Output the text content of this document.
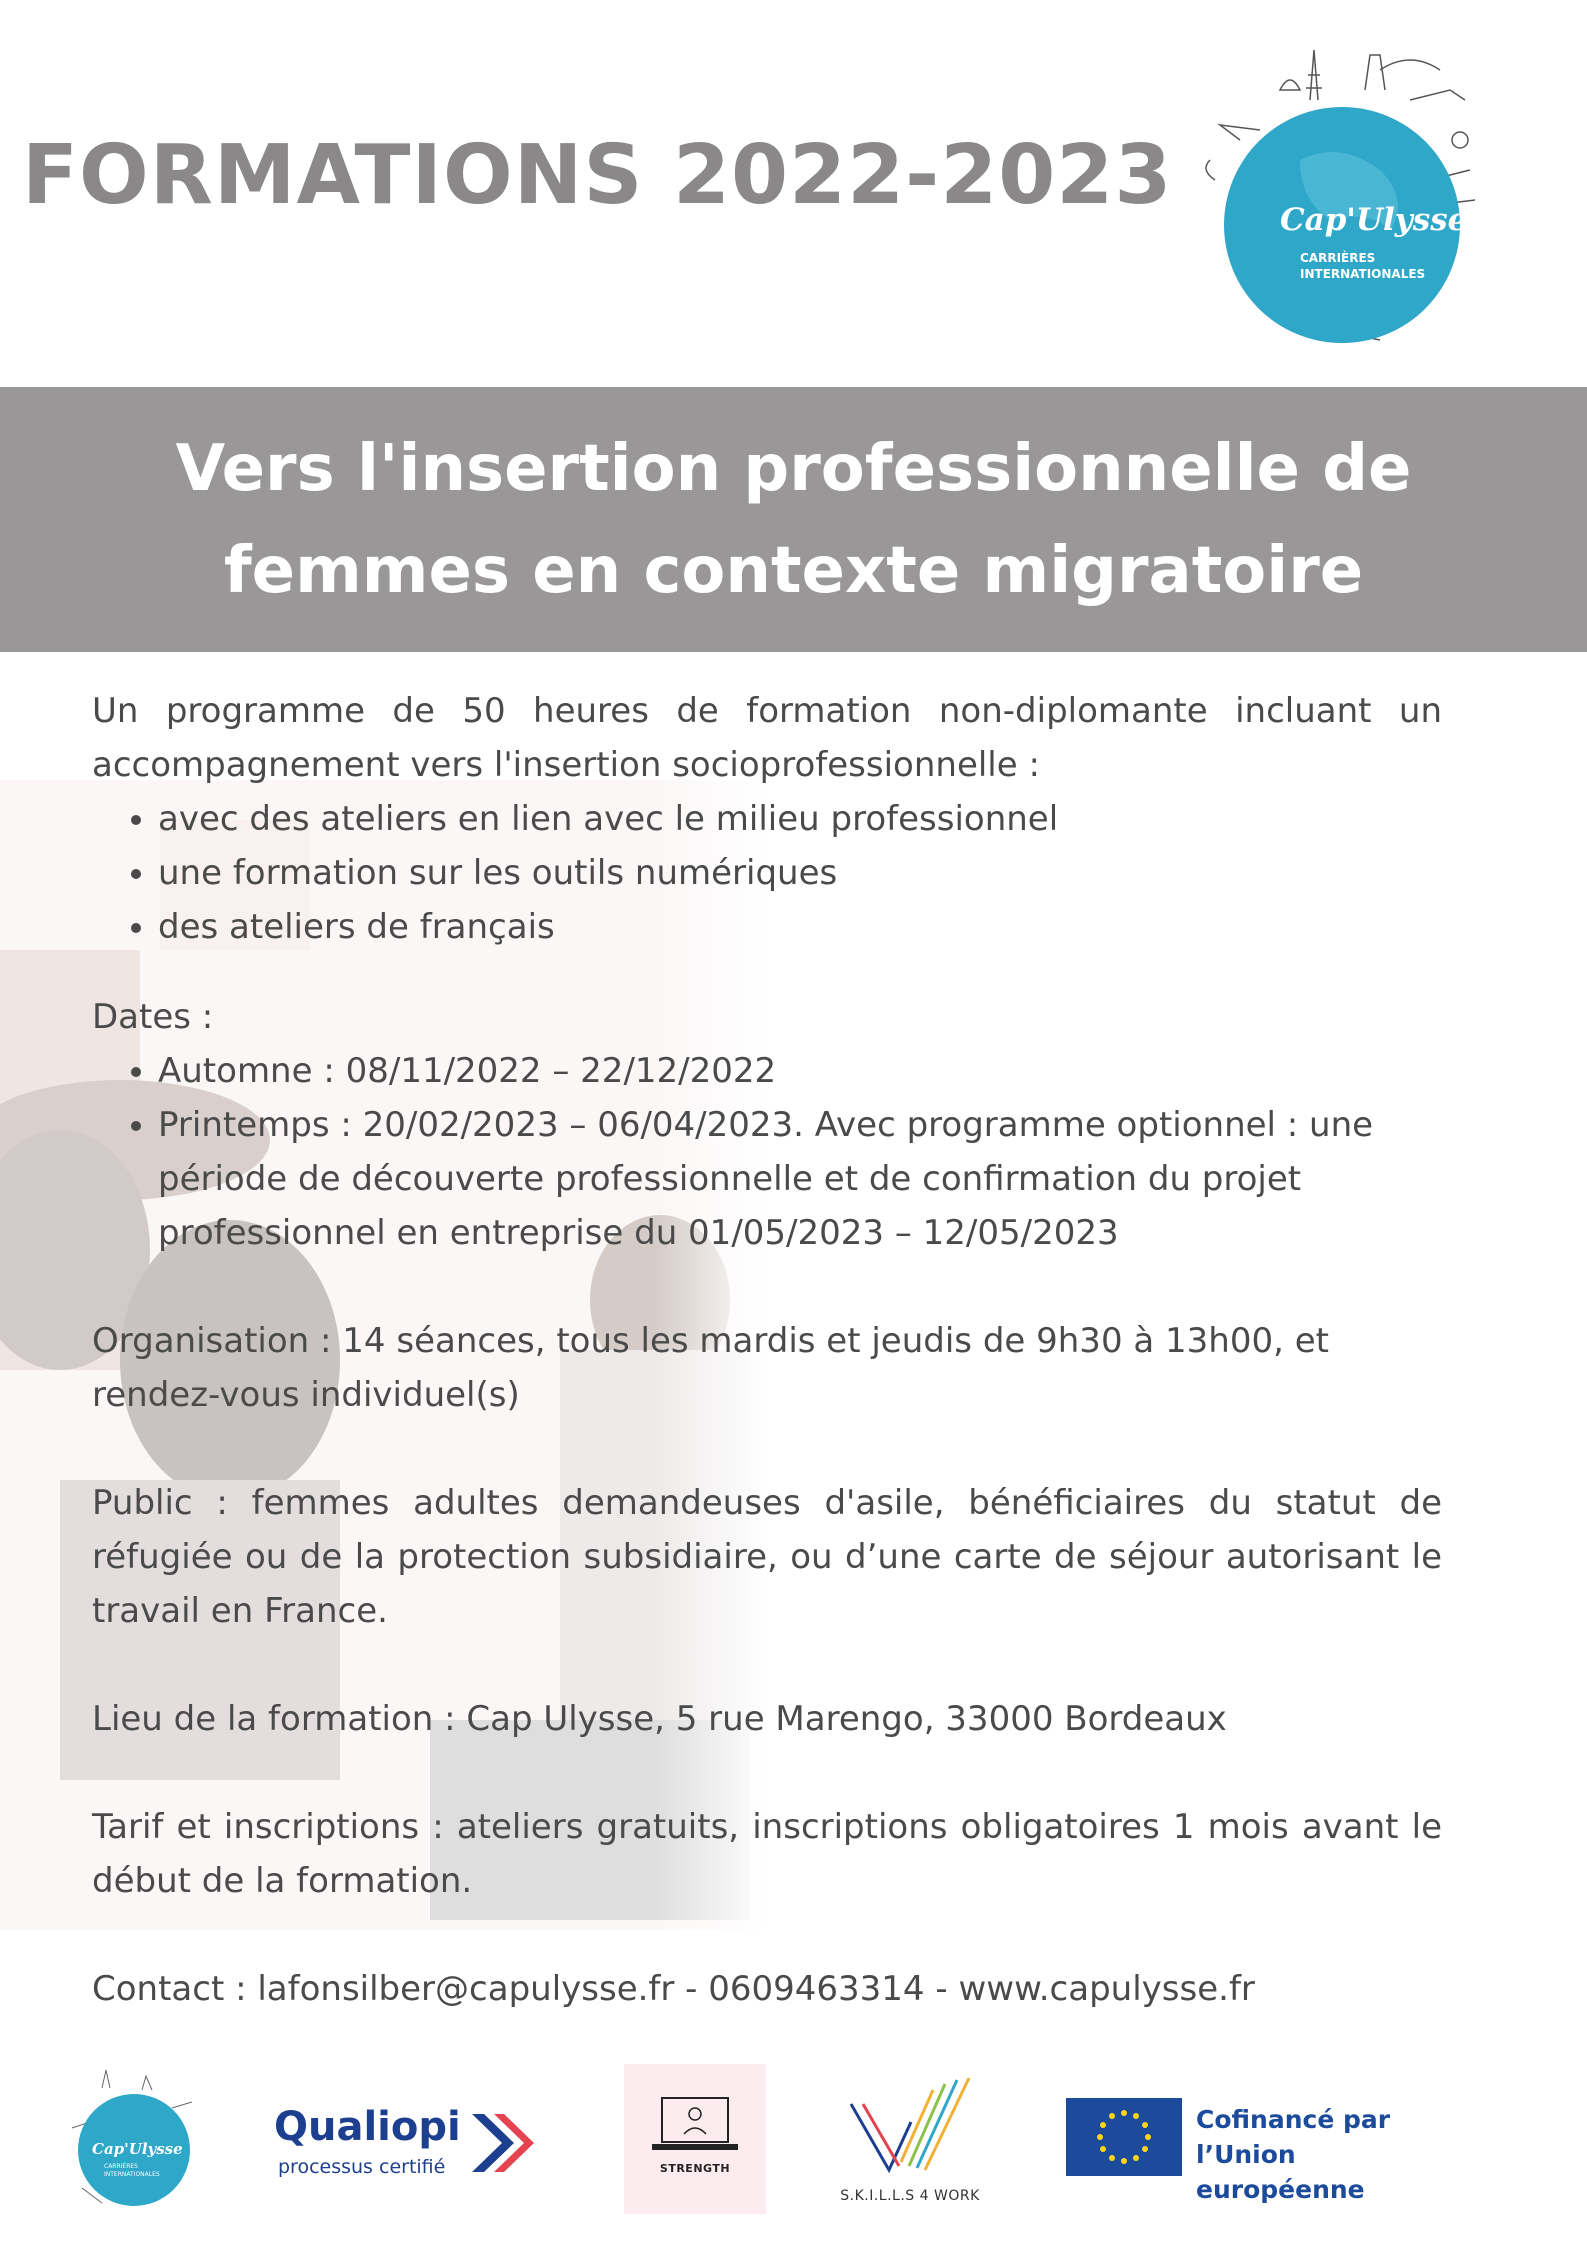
FORMATIONS 2022-2023	Cap'Ulysse
CARRIÈRES
INTERNATIONALES
Vers l'insertion professionnelle de
femmes en contexte migratoire

Un programme de 50 heures de formation non-diplomante incluant un accompagnement vers l'insertion socioprofessionnelle :

• avec des ateliers en lien avec le milieu professionnel
• une formation sur les outils numériques
• des ateliers de français

Dates :

• Automne : 08/11/2022 – 22/12/2022
• Printemps : 20/02/2023 – 06/04/2023. Avec programme optionnel : une période de découverte professionnelle et de confirmation du projet professionnel en entreprise du 01/05/2023 – 12/05/2023

Organisation : 14 séances, tous les mardis et jeudis de 9h30 à 13h00, et rendez-vous individuel(s)

Public : femmes adultes demandeuses d'asile, bénéficiaires du statut de réfugiée ou de la protection subsidiaire, ou d’une carte de séjour autorisant le travail en France.

Lieu de la formation : Cap Ulysse, 5 rue Marengo, 33000 Bordeaux

Tarif et inscriptions : ateliers gratuits, inscriptions obligatoires 1 mois avant le début de la formation.

Contact : lafonsilber@capulysse.fr - 0609463314 - www.capulysse.fr

Cap'Ulysse
CARRIÈRES
INTERNATIONALES
Qualiopi
processus certifié	STRENGTH
S.K.I.L.L.S 4 WORK
Cofinancé par
l’Union européenne
